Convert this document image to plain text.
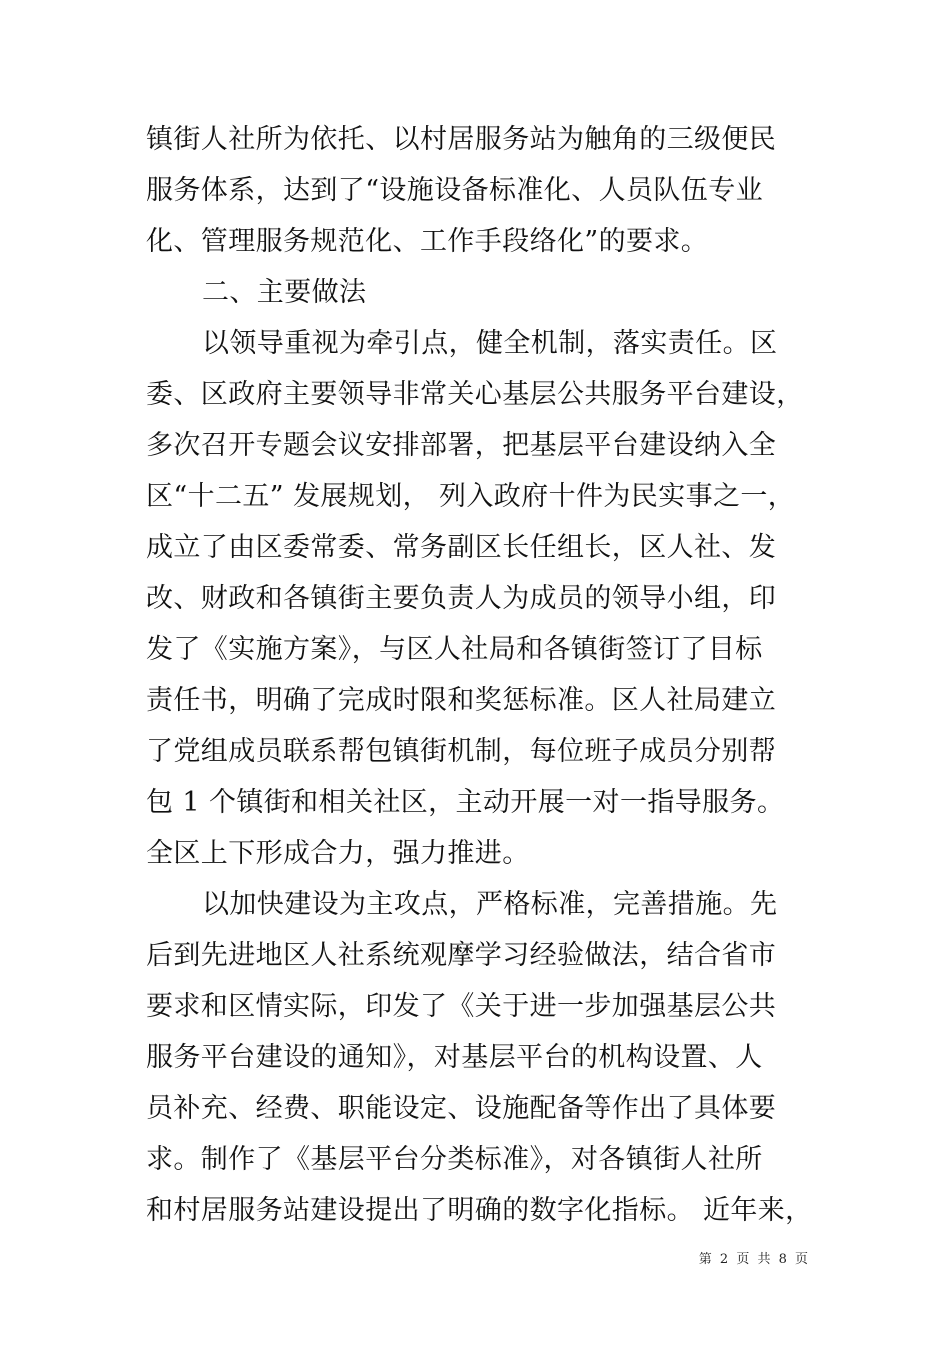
镇街人社所为依托、以村居服务站为触角的三级便民
服务体系，达到了“设施设备标准化、人员队伍专业
化、管理服务规范化、工作手段络化”的要求。
二、主要做法
以领导重视为牵引点，健全机制，落实责任。区
委、区政府主要领导非常关心基层公共服务平台建设，
多次召开专题会议安排部署，把基层平台建设纳入全
区“十二五” 发展规划， 列入政府十件为民实事之一，
成立了由区委常委、常务副区长任组长，区人社、发
改、财政和各镇街主要负责人为成员的领导小组，印
发了《实施方案》，与区人社局和各镇街签订了目标
责任书，明确了完成时限和奖惩标准。区人社局建立
了党组成员联系帮包镇街机制，每位班子成员分别帮
包 1 个镇街和相关社区，主动开展一对一指导服务。
全区上下形成合力，强力推进。
以加快建设为主攻点，严格标准，完善措施。先
后到先进地区人社系统观摩学习经验做法，结合省市
要求和区情实际，印发了《关于进一步加强基层公共
服务平台建设的通知》，对基层平台的机构设置、人
员补充、经费、职能设定、设施配备等作出了具体要
求。制作了《基层平台分类标准》，对各镇街人社所
和村居服务站建设提出了明确的数字化指标。 近年来，
第 2 页 共 8 页
